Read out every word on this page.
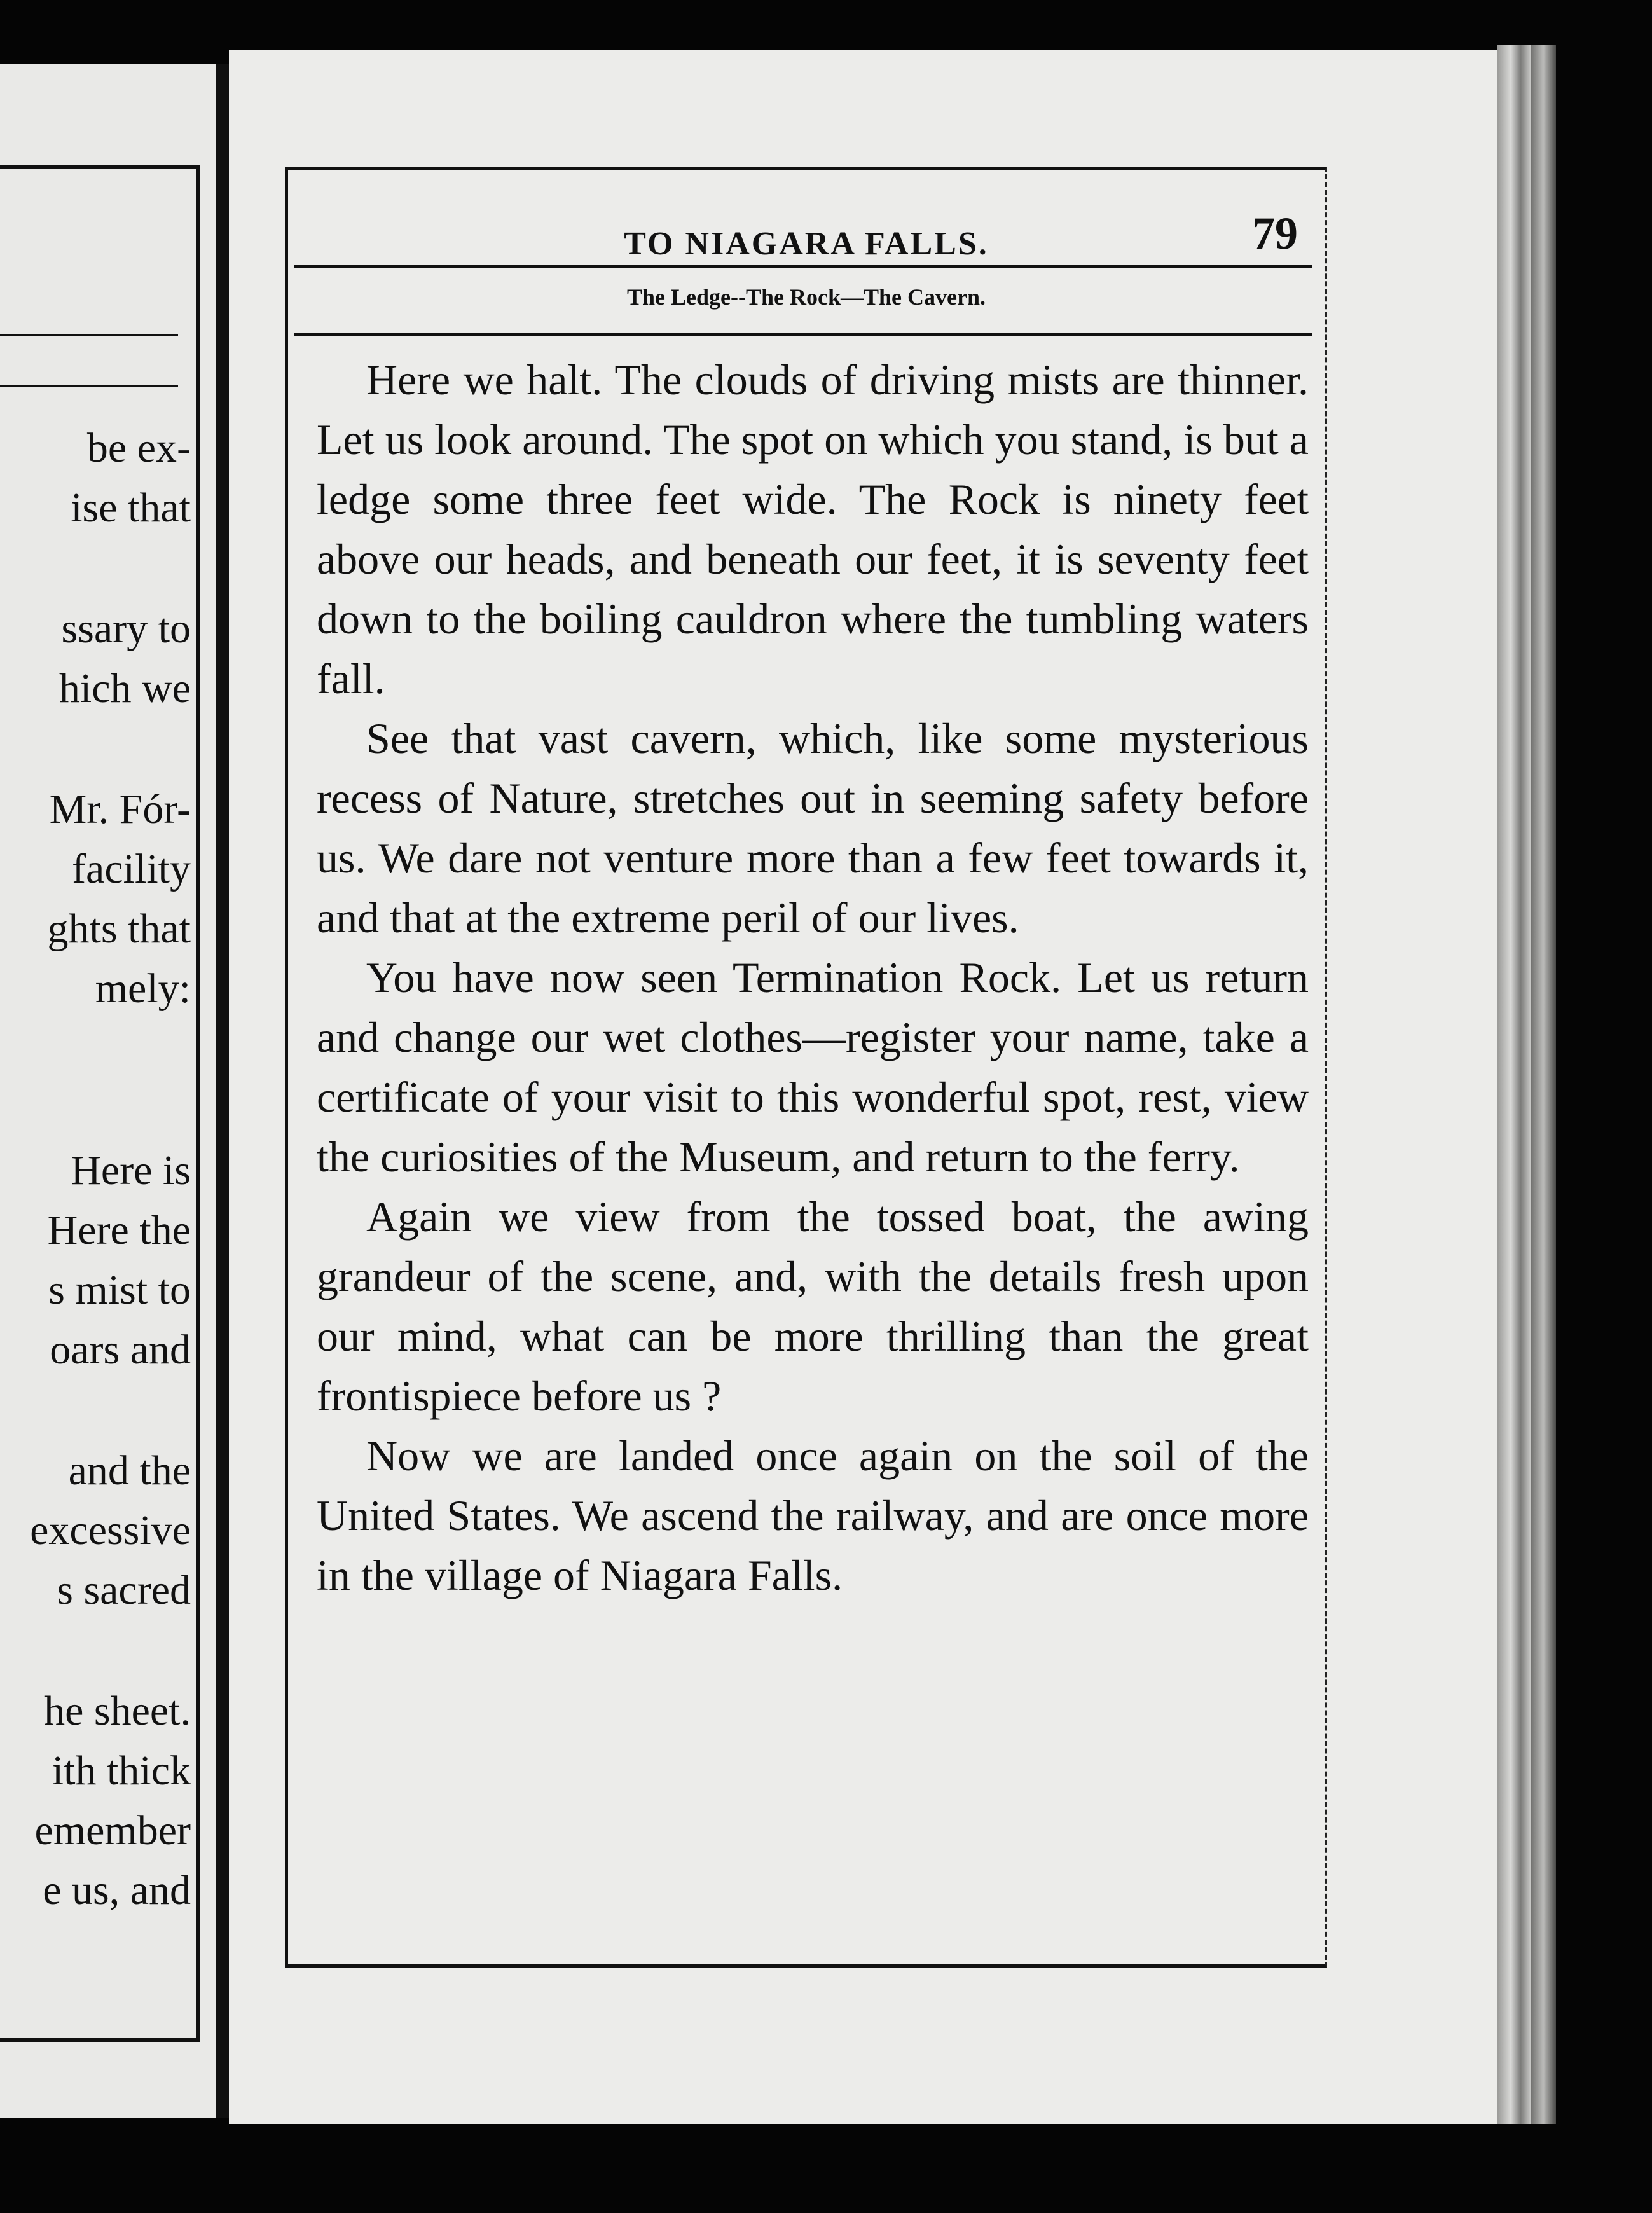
be ex-
ise that
ssary to
hich we
Mr. Fór-
facility
ghts that
mely:
Here is
Here the
s mist to
oars and
and the
excessive
s sacred
he sheet.
ith thick
emember
e us, and
TO NIAGARA FALLS.	79
The Ledge--The Rock—The Cavern.

Here we halt. The clouds of driving mists are thinner. Let us look around. The spot on which you stand, is but a ledge some three feet wide. The Rock is ninety feet above our heads, and beneath our feet, it is seventy feet down to the boiling cauldron where the tumbling waters fall.

See that vast cavern, which, like some mysterious recess of Nature, stretches out in seeming safety before us. We dare not venture more than a few feet towards it, and that at the extreme peril of our lives.

You have now seen Termination Rock. Let us return and change our wet clothes—register your name, take a certificate of your visit to this wonderful spot, rest, view the curiosities of the Museum, and return to the ferry.

Again we view from the tossed boat, the awing grandeur of the scene, and, with the details fresh upon our mind, what can be more thrilling than the great frontispiece before us ?

Now we are landed once again on the soil of the United States. We ascend the railway, and are once more in the village of Niagara Falls.
